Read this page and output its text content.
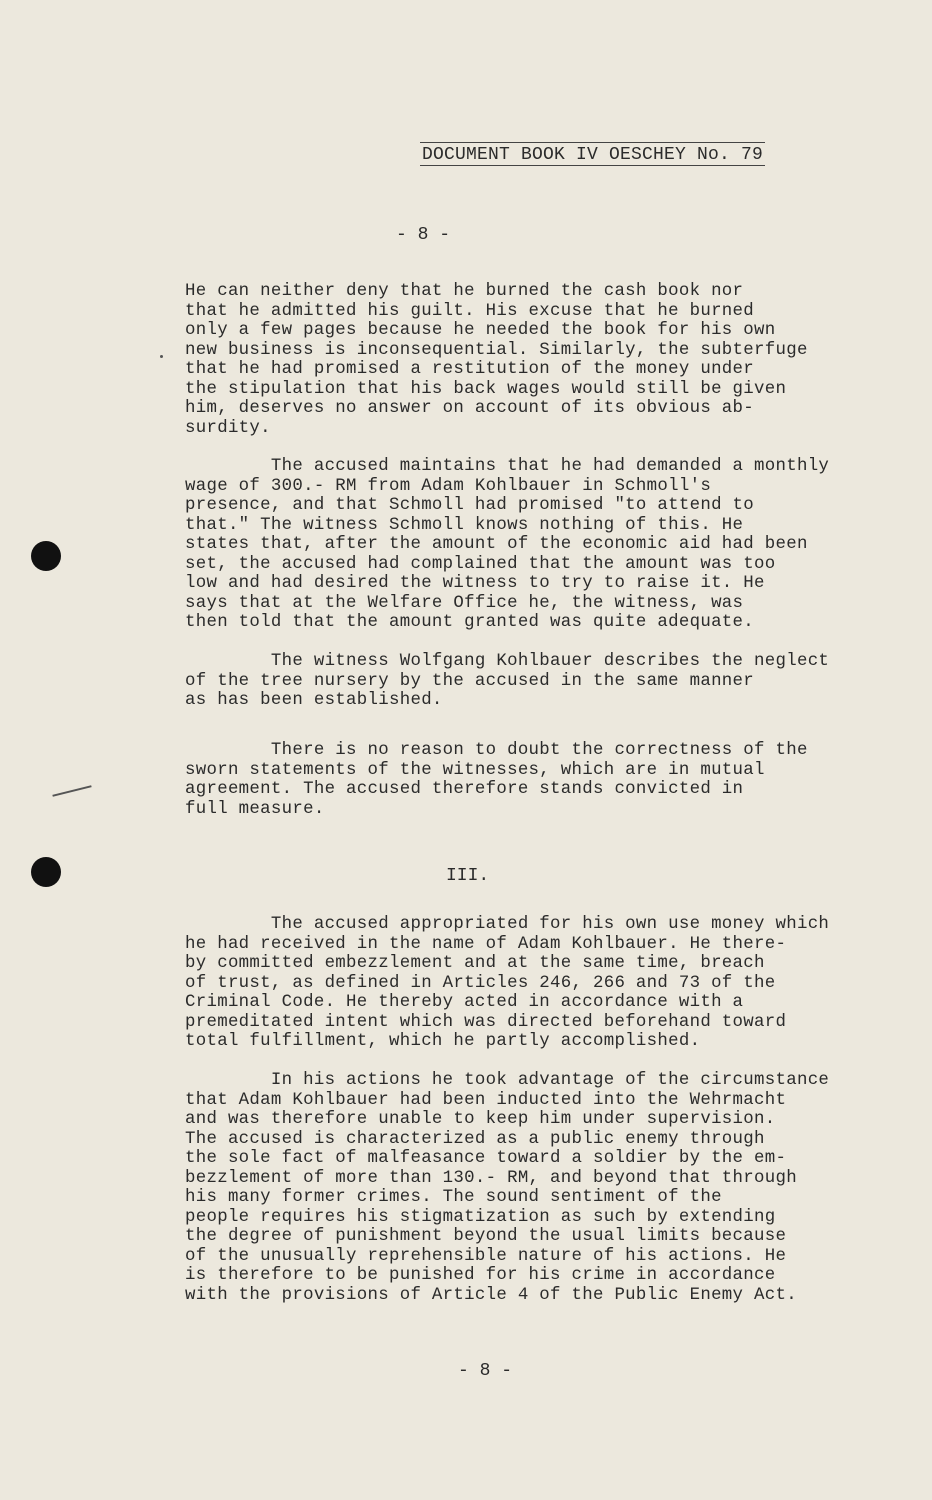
DOCUMENT BOOK IV OESCHEY No. 79
- 8 -

He can neither deny that he burned the cash book nor
that he admitted his guilt. His excuse that he burned
only a few pages because he needed the book for his own
new business is inconsequential. Similarly, the subterfuge
that he had promised a restitution of the money under
the stipulation that his back wages would still be given
him, deserves no answer on account of its obvious ab-
surdity.

The accused maintains that he had demanded a monthly
wage of 300.- RM from Adam Kohlbauer in Schmoll's
presence, and that Schmoll had promised "to attend to
that." The witness Schmoll knows nothing of this. He
states that, after the amount of the economic aid had been
set, the accused had complained that the amount was too
low and had desired the witness to try to raise it. He
says that at the Welfare Office he, the witness, was
then told that the amount granted was quite adequate.

The witness Wolfgang Kohlbauer describes the neglect
of the tree nursery by the accused in the same manner
as has been established.

There is no reason to doubt the correctness of the
sworn statements of the witnesses, which are in mutual
agreement. The accused therefore stands convicted in
full measure.

III.

The accused appropriated for his own use money which
he had received in the name of Adam Kohlbauer. He there-
by committed embezzlement and at the same time, breach
of trust, as defined in Articles 246, 266 and 73 of the
Criminal Code. He thereby acted in accordance with a
premeditated intent which was directed beforehand toward
total fulfillment, which he partly accomplished.

In his actions he took advantage of the circumstance
that Adam Kohlbauer had been inducted into the Wehrmacht
and was therefore unable to keep him under supervision.
The accused is characterized as a public enemy through
the sole fact of malfeasance toward a soldier by the em-
bezzlement of more than 130.- RM, and beyond that through
his many former crimes. The sound sentiment of the
people requires his stigmatization as such by extending
the degree of punishment beyond the usual limits because
of the unusually reprehensible nature of his actions. He
is therefore to be punished for his crime in accordance
with the provisions of Article 4 of the Public Enemy Act.

- 8 -
